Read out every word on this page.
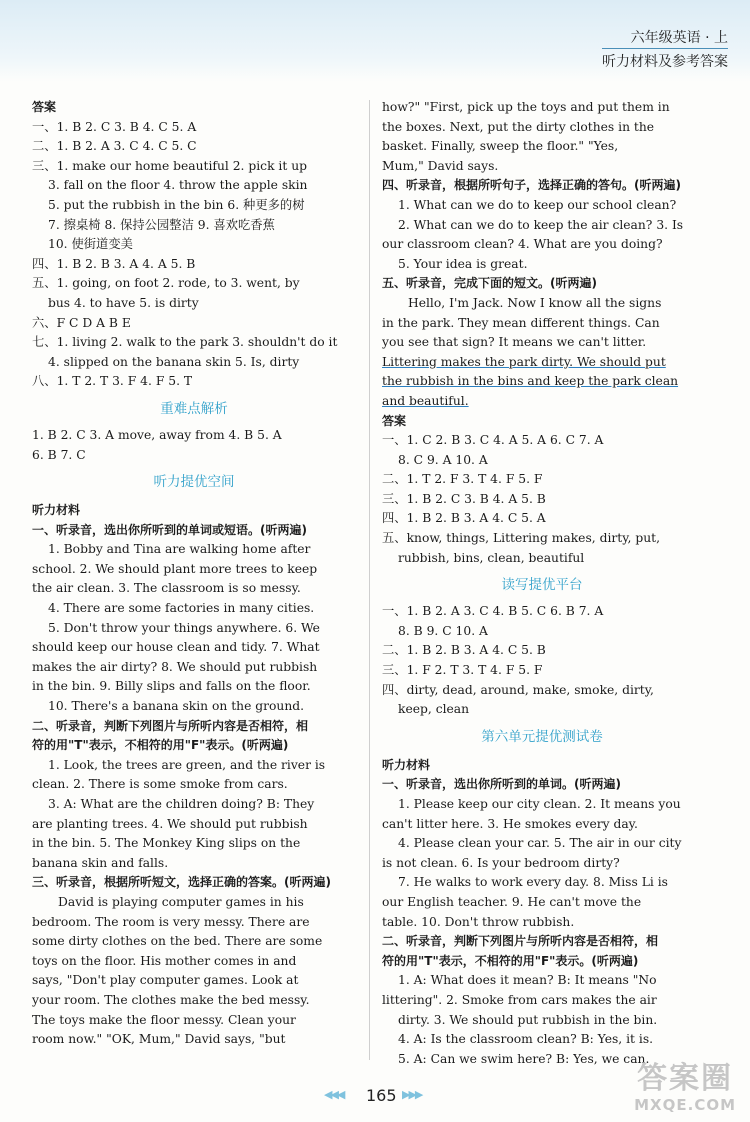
六年级英语 · 上
听力材料及参考答案
答案
一、1. B 2. C 3. B 4. C 5. A
二、1. B 2. A 3. C 4. C 5. C
三、1. make our home beautiful 2. pick it up
3. fall on the floor 4. throw the apple skin
5. put the rubbish in the bin 6. 种更多的树
7. 擦桌椅 8. 保持公园整洁 9. 喜欢吃香蕉
10. 使街道变美
四、1. B 2. B 3. A 4. A 5. B
五、1. going, on foot 2. rode, to 3. went, by
bus 4. to have 5. is dirty
六、F C D A B E
七、1. living 2. walk to the park 3. shouldn't do it
4. slipped on the banana skin 5. Is, dirty
八、1. T 2. T 3. F 4. F 5. T
重难点解析
1. B 2. C 3. A move, away from 4. B 5. A
6. B 7. C
听力提优空间
听力材料
一、听录音，选出你所听到的单词或短语。(听两遍)
1. Bobby and Tina are walking home after
school. 2. We should plant more trees to keep
the air clean. 3. The classroom is so messy.
4. There are some factories in many cities.
5. Don't throw your things anywhere. 6. We
should keep our house clean and tidy. 7. What
makes the air dirty? 8. We should put rubbish
in the bin. 9. Billy slips and falls on the floor.
10. There's a banana skin on the ground.
二、听录音，判断下列图片与所听内容是否相符，相
符的用"T"表示，不相符的用"F"表示。(听两遍)
1. Look, the trees are green, and the river is
clean. 2. There is some smoke from cars.
3. A: What are the children doing? B: They
are planting trees. 4. We should put rubbish
in the bin. 5. The Monkey King slips on the
banana skin and falls.
三、听录音，根据所听短文，选择正确的答案。(听两遍)
David is playing computer games in his
bedroom. The room is very messy. There are
some dirty clothes on the bed. There are some
toys on the floor. His mother comes in and
says, "Don't play computer games. Look at
your room. The clothes make the bed messy.
The toys make the floor messy. Clean your
room now." "OK, Mum," David says, "but
how?" "First, pick up the toys and put them in
the boxes. Next, put the dirty clothes in the
basket. Finally, sweep the floor." "Yes,
Mum," David says.
四、听录音，根据所听句子，选择正确的答句。(听两遍)
1. What can we do to keep our school clean?
2. What can we do to keep the air clean? 3. Is
our classroom clean? 4. What are you doing?
5. Your idea is great.
五、听录音，完成下面的短文。(听两遍)
Hello, I'm Jack. Now I know all the signs
in the park. They mean different things. Can
you see that sign? It means we can't litter.
Littering makes the park dirty. We should put
the rubbish in the bins and keep the park clean
and beautiful.
答案
一、1. C 2. B 3. C 4. A 5. A 6. C 7. A
8. C 9. A 10. A
二、1. T 2. F 3. T 4. F 5. F
三、1. B 2. C 3. B 4. A 5. B
四、1. B 2. B 3. A 4. C 5. A
五、know, things, Littering makes, dirty, put,
rubbish, bins, clean, beautiful
读写提优平台
一、1. B 2. A 3. C 4. B 5. C 6. B 7. A
8. B 9. C 10. A
二、1. B 2. B 3. A 4. C 5. B
三、1. F 2. T 3. T 4. F 5. F
四、dirty, dead, around, make, smoke, dirty,
keep, clean
第六单元提优测试卷
听力材料
一、听录音，选出你所听到的单词。(听两遍)
1. Please keep our city clean. 2. It means you
can't litter here. 3. He smokes every day.
4. Please clean your car. 5. The air in our city
is not clean. 6. Is your bedroom dirty?
7. He walks to work every day. 8. Miss Li is
our English teacher. 9. He can't move the
table. 10. Don't throw rubbish.
二、听录音，判断下列图片与所听内容是否相符，相
符的用"T"表示，不相符的用"F"表示。(听两遍)
1. A: What does it mean? B: It means "No
littering". 2. Smoke from cars makes the air
dirty. 3. We should put rubbish in the bin.
4. A: Is the classroom clean? B: Yes, it is.
5. A: Can we swim here? B: Yes, we can.
◀◀◀ 165 ▶▶▶	答案圈
MXQE.COM
